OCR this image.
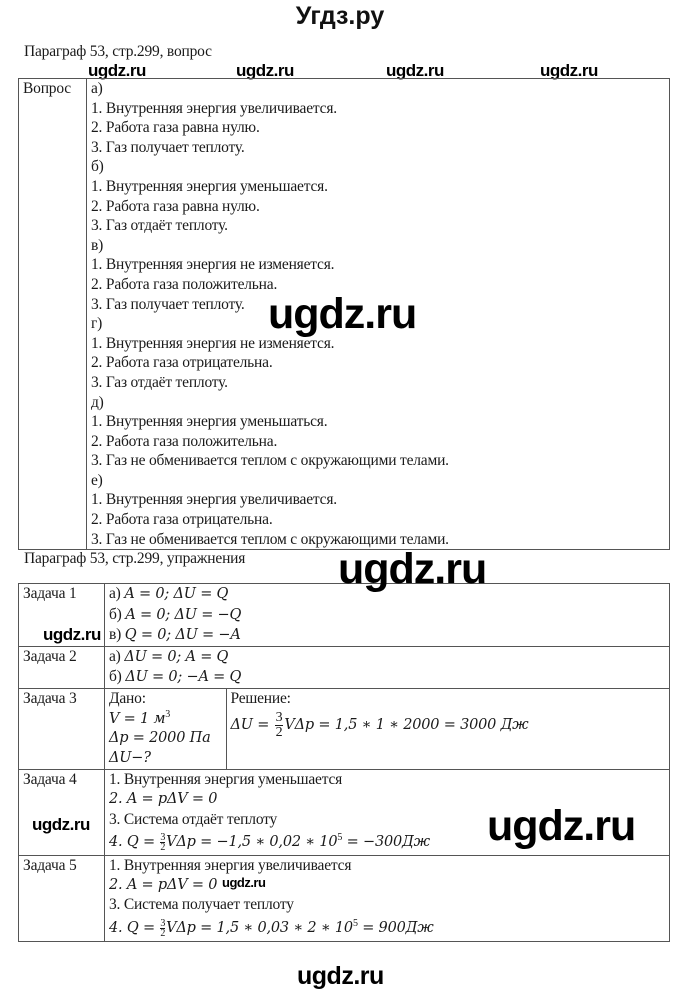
Угдз.ру
Параграф 53, стр.299, вопрос
ugdz.ru	ugdz.ru	ugdz.ru	ugdz.ru
Вопрос	а)
1. Внутренняя энергия увеличивается.
2. Работа газа равна нулю.
3. Газ получает теплоту.
б)
1. Внутренняя энергия уменьшается.
2. Работа газа равна нулю.
3. Газ отдаёт теплоту.
в)
1. Внутренняя энергия не изменяется.
2. Работа газа положительна.
3. Газ получает теплоту.
г)
1. Внутренняя энергия не изменяется.
2. Работа газа отрицательна.
3. Газ отдаёт теплоту.
д)
1. Внутренняя энергия уменьшаться.
2. Работа газа положительна.
3. Газ не обменивается теплом с окружающими телами.
е)
1. Внутренняя энергия увеличивается.
2. Работа газа отрицательна.
3. Газ не обменивается теплом с окружающими телами.
Параграф 53, стр.299, упражнения
Задача 1	а) A = 0; ΔU = Q
б) A = 0; ΔU = −Q
в) Q = 0; ΔU = −A

Задача 2	а) ΔU = 0; A = Q
б) ΔU = 0; −A = Q

Задача 3	Дано:
V = 1 $м^3$
Δp = 2000 Па
ΔU−?

Решение:
$\Delta U = \frac{3}{2}$ VΔp = 1,5 ∗ 1 ∗ 2000 = 3000 Дж

Задача 4	1. Внутренняя энергия уменьшается
2. A = pΔV = 0
3. Система отдаёт теплоту
4. $Q = \frac{3}{2}$ VΔp = −1,5 ∗ 0,02 ∗ $10^5 = -300Дж$

Задача 5	1. Внутренняя энергия увеличивается
2. A = pΔV = 0
3. Система получает теплоту
4. $Q = \frac{3}{2}$ VΔp = 1,5 ∗ 0,03 ∗ 2 ∗ $10^5 = 900Дж$
ugdz.ru
ugdz.ru
ugdz.ru
ugdz.ru	ugdz.ru
ugdz.ru
ugdz.ru
